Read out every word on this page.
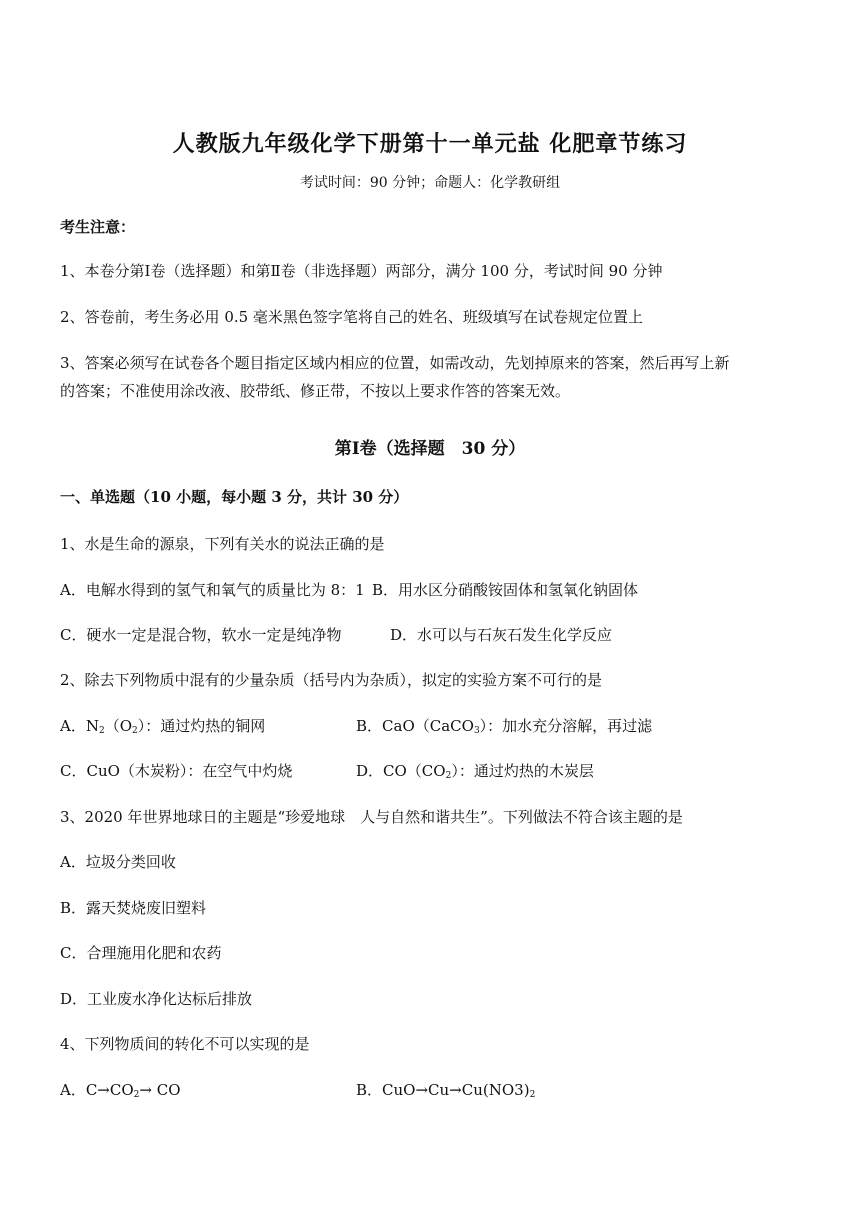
人教版九年级化学下册第十一单元盐 化肥章节练习
考试时间：90 分钟；命题人：化学教研组
考生注意：
1、本卷分第Ⅰ卷（选择题）和第Ⅱ卷（非选择题）两部分，满分 100 分，考试时间 90 分钟
2、答卷前，考生务必用 0.5 毫米黑色签字笔将自己的姓名、班级填写在试卷规定位置上
3、答案必须写在试卷各个题目指定区域内相应的位置，如需改动，先划掉原来的答案，然后再写上新
的答案；不准使用涂改液、胶带纸、修正带，不按以上要求作答的答案无效。
第Ⅰ卷（选择题　30 分）
一、单选题（10 小题，每小题 3 分，共计 30 分）
1、水是生命的源泉，下列有关水的说法正确的是
A．电解水得到的氢气和氧气的质量比为 8：1 B．用水区分硝酸铵固体和氢氧化钠固体
C．硬水一定是混合物，软水一定是纯净物	D．水可以与石灰石发生化学反应
2、除去下列物质中混有的少量杂质（括号内为杂质），拟定的实验方案不可行的是
A．$N_2(O_2)$：通过灼热的铜网	B．CaO（CaCO$_3$）：加水充分溶解，再过滤
C．CuO（木炭粉）：在空气中灼烧	D．$CO(CO_2)$：通过灼热的木炭层
3、2020 年世界地球日的主题是“珍爱地球　人与自然和谐共生”。下列做法不符合该主题的是
A．垃圾分类回收
B．露天焚烧废旧塑料
C．合理施用化肥和农药
D．工业废水净化达标后排放
4、下列物质间的转化不可以实现的是
A．$C\to CO_2\to$ CO	B．$CuO\to Cu\to Cu(NO3)_2$
